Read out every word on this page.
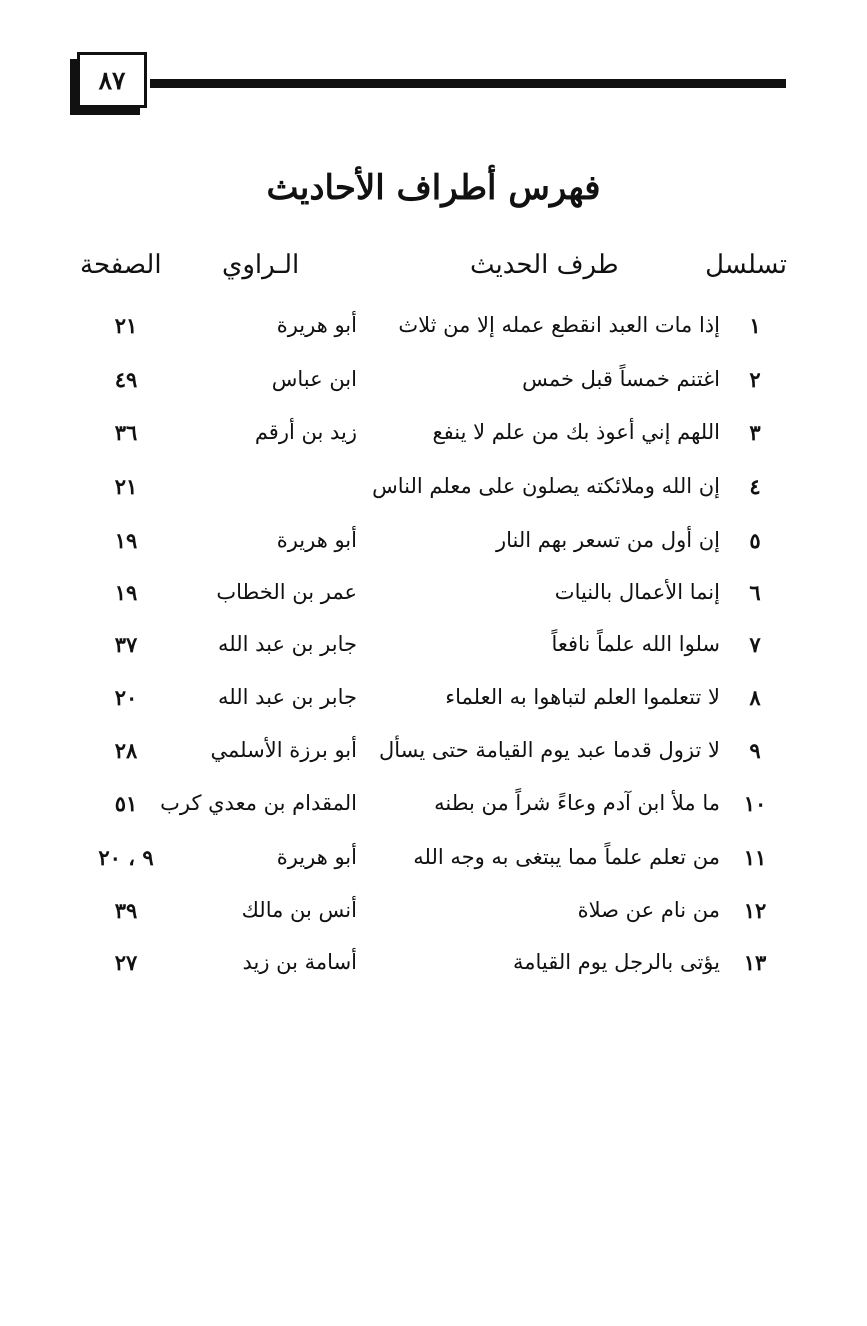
٨٧
فهرس أطراف الأحاديث
تسلسل
طرف الحديث
الـراوي
الصفحة
١
إذا مات العبد انقطع عمله إلا من ثلاث
أبو هريرة
٢١
٢
اغتنم خمساً قبل خمس
ابن عباس
٤٩
٣
اللهم إني أعوذ بك من علم لا ينفع
زيد بن أرقم
٣٦
٤
إن الله وملائكته يصلون على معلم الناس
٢١
٥
إن أول من تسعر بهم النار
أبو هريرة
١٩
٦
إنما الأعمال بالنيات
عمر بن الخطاب
١٩
٧
سلوا الله علماً نافعاً
جابر بن عبد الله
٣٧
٨
لا تتعلموا العلم لتباهوا به العلماء
جابر بن عبد الله
٢٠
٩
لا تزول قدما عبد يوم القيامة حتى يسأل
أبو برزة الأسلمي
٢٨
١٠
ما ملأ ابن آدم وعاءً شراً من بطنه
المقدام بن معدي كرب
٥١
١١
من تعلم علماً مما يبتغى به وجه الله
أبو هريرة
٩ ، ٢٠
١٢
من نام عن صلاة
أنس بن مالك
٣٩
١٣
يؤتى بالرجل يوم القيامة
أسامة بن زيد
٢٧
